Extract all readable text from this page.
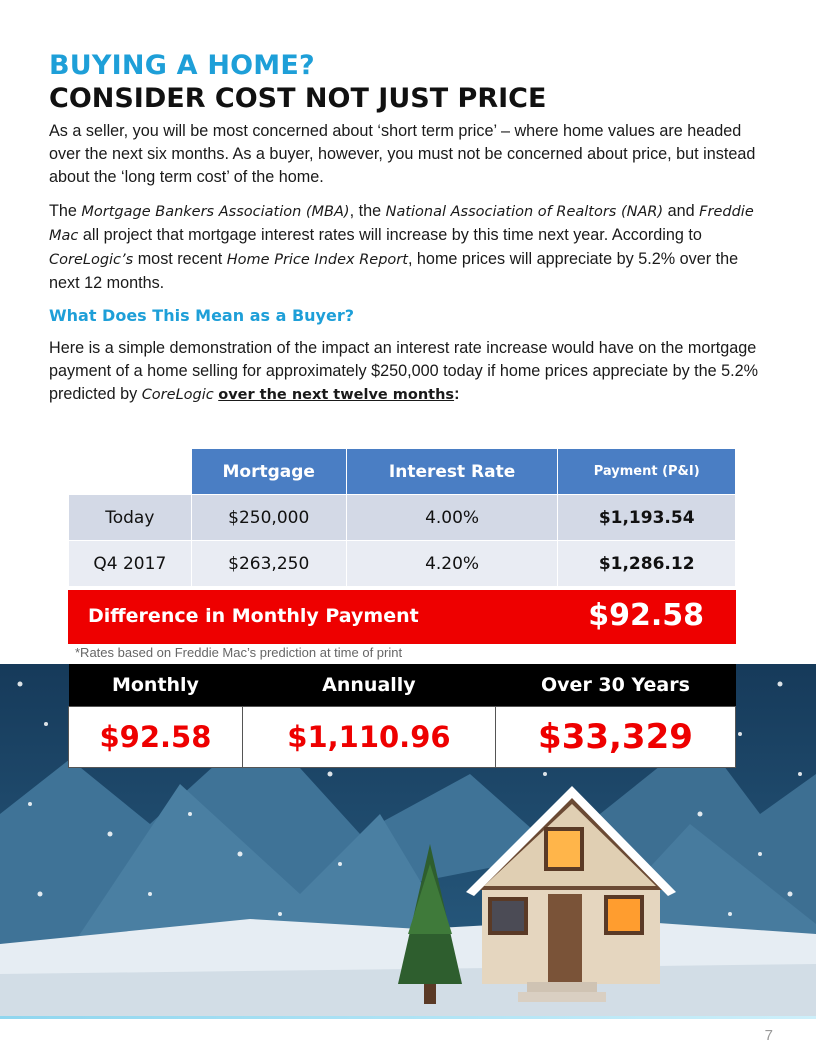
BUYING A HOME?
CONSIDER COST NOT JUST PRICE

As a seller, you will be most concerned about ‘short term price’ – where home values are headed over the next six months. As a buyer, however, you must not be concerned about price, but instead about the ‘long term cost’ of the home.

The Mortgage Bankers Association (MBA), the National Association of Realtors (NAR) and Freddie Mac all project that mortgage interest rates will increase by this time next year. According to CoreLogic’s most recent Home Price Index Report, home prices will appreciate by 5.2% over the next 12 months.

What Does This Mean as a Buyer?

Here is a simple demonstration of the impact an interest rate increase would have on the mortgage payment of a home selling for approximately $250,000 today if home prices appreciate by the 5.2% predicted by CoreLogic over the next twelve months:

	Mortgage	Interest Rate	Payment (P&I)
Today	$250,000	4.00%	$1,193.54
Q4 2017	$263,250	4.20%	$1,286.12
Difference in Monthly Payment	$92.58
*Rates based on Freddie Mac’s prediction at time of print
Monthly	Annually	Over 30 Years
$92.58	$1,110.96	$33,329
7
